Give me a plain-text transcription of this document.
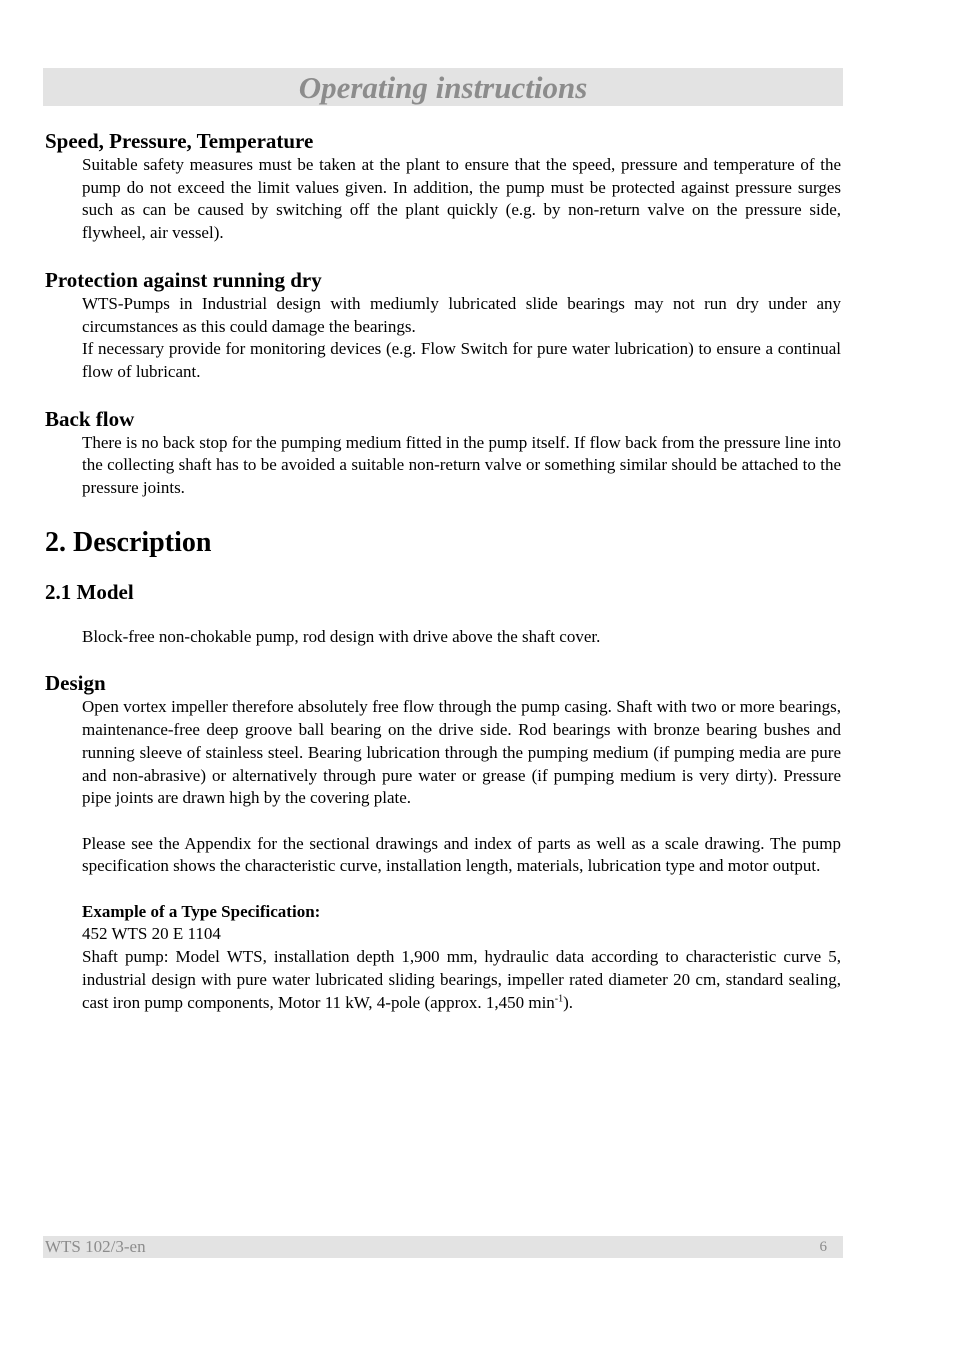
Operating instructions
Speed, Pressure, Temperature

Suitable safety measures must be taken at the plant to ensure that the speed, pressure and temperature of the pump do not exceed the limit values given. In addition, the pump must be protected against pressure surges such as can be caused by switching off the plant quickly (e.g. by non-return valve on the pressure side, flywheel, air vessel).

Protection against running dry

WTS-Pumps in Industrial design with mediumly lubricated slide bearings may not run dry under any circumstances as this could damage the bearings.

If necessary provide for monitoring devices (e.g. Flow Switch for pure water lubrication) to ensure a continual flow of lubricant.

Back flow

There is no back stop for the pumping medium fitted in the pump itself. If flow back from the pressure line into the collecting shaft has to be avoided a suitable non-return valve or something similar should be attached to the pressure joints.

2. Description
2.1 Model

Block-free non-chokable pump, rod design with drive above the shaft cover.

Design

Open vortex impeller therefore absolutely free flow through the pump casing. Shaft with two or more bearings, maintenance-free deep groove ball bearing on the drive side. Rod bearings with bronze bearing bushes and running sleeve of stainless steel. Bearing lubrication through the pumping medium (if pumping media are pure and non-abrasive) or alternatively through pure water or grease (if pumping medium is very dirty). Pressure pipe joints are drawn high by the covering plate.

Please see the Appendix for the sectional drawings and index of parts as well as a scale drawing. The pump specification shows the characteristic curve, installation length, materials, lubrication type and motor output.

Example of a Type Specification:

452 WTS 20 E 1104

Shaft pump: Model WTS, installation depth 1,900 mm, hydraulic data according to characteristic curve 5, industrial design with pure water lubricated sliding bearings, impeller rated diameter 20 cm, standard sealing, cast iron pump components, Motor 11 kW, 4-pole (approx. 1,450 $\min^{-1}$).

WTS 102/3-en	6
